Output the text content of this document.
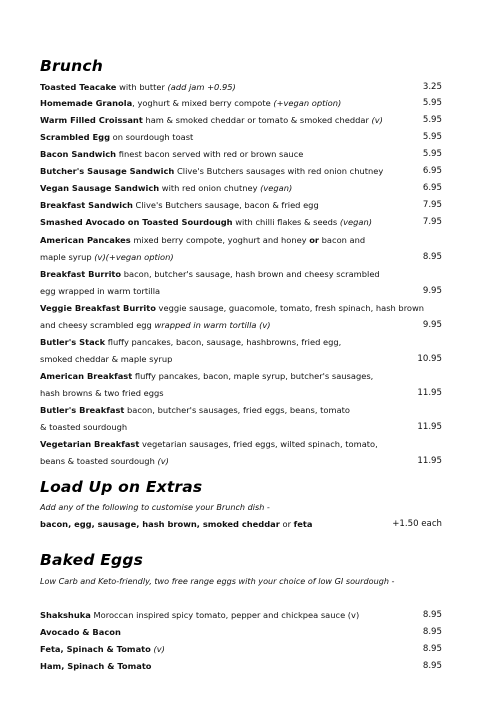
Brunch
Toasted Teacake with butter (add jam +0.95)	3.25
Homemade Granola, yoghurt & mixed berry compote (+vegan option)	5.95
Warm Filled Croissant ham & smoked cheddar or tomato & smoked cheddar (v)	5.95
Scrambled Egg on sourdough toast	5.95
Bacon Sandwich finest bacon served with red or brown sauce	5.95
Butcher's Sausage Sandwich Clive's Butchers sausages with red onion chutney	6.95
Vegan Sausage Sandwich with red onion chutney (vegan)	6.95
Breakfast Sandwich Clive's Butchers sausage, bacon & fried egg	7.95
Smashed Avocado on Toasted Sourdough with chilli flakes & seeds (vegan)	7.95
American Pancakes mixed berry compote, yoghurt and honey or bacon and
maple syrup (v)(+vegan option)	8.95
Breakfast Burrito bacon, butcher's sausage, hash brown and cheesy scrambled
egg wrapped in warm tortilla	9.95
Veggie Breakfast Burrito veggie sausage, guacomole, tomato, fresh spinach, hash brown
and cheesy scrambled egg wrapped in warm tortilla (v)	9.95
Butler's Stack fluffy pancakes, bacon, sausage, hashbrowns, fried egg,
smoked cheddar & maple syrup	10.95
American Breakfast fluffy pancakes, bacon, maple syrup, butcher's sausages,
hash browns & two fried eggs	11.95
Butler's Breakfast bacon, butcher's sausages, fried eggs, beans, tomato
& toasted sourdough	11.95
Vegetarian Breakfast vegetarian sausages, fried eggs, wilted spinach, tomato,
beans & toasted sourdough (v)	11.95
Load Up on Extras
Add any of the following to customise your Brunch dish -
bacon, egg, sausage, hash brown, smoked cheddar or feta	+1.50 each
Baked Eggs
Low Carb and Keto-friendly, two free range eggs with your choice of low GI sourdough -
Shakshuka Moroccan inspired spicy tomato, pepper and chickpea sauce (v)	8.95
Avocado & Bacon	8.95
Feta, Spinach & Tomato (v)	8.95
Ham, Spinach & Tomato	8.95
